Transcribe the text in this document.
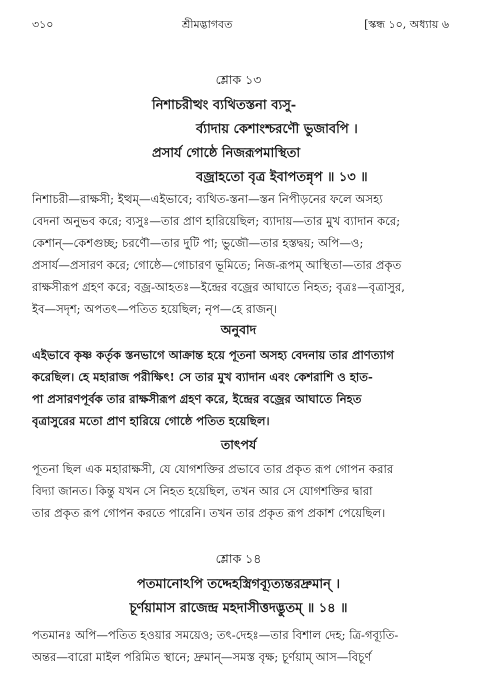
৩১০	শ্রীমদ্ভাগবত	[স্কন্ধ ১০, অধ্যায় ৬
শ্লোক ১৩
নিশাচরীত্থং ব্যথিতস্তনা ব্যসু-
র্ব্যাদায় কেশাংশ্চরণৌ ভুজাবপি ।
প্রসার্য গোষ্ঠে নিজরূপমাস্থিতা
বজ্রাহতো বৃত্র ইবাপতন্নৃপ ॥ ১৩ ॥
নিশাচরী—রাক্ষসী; ইত্থম্—এইভাবে; ব্যথিত-স্তনা—স্তন নিপীড়নের ফলে অসহ্য
বেদনা অনুভব করে; ব্যসুঃ—তার প্রাণ হারিয়েছিল; ব্যাদায়—তার মুখ ব্যাদান করে;
কেশান্—কেশগুচ্ছ; চরণৌ—তার দুটি পা; ভুজৌ—তার হস্তদ্বয়; অপি—ও;
প্রসার্য—প্রসারণ করে; গোষ্ঠে—গোচারণ ভূমিতে; নিজ-রূপম্ আস্থিতা—তার প্রকৃত
রাক্ষসীরূপ গ্রহণ করে; বজ্র-আহতঃ—ইন্দ্রের বজ্রের আঘাতে নিহত; বৃত্রঃ—বৃত্রাসুর,
ইব—সদৃশ; অপতৎ—পতিত হয়েছিল; নৃপ—হে রাজন্।
অনুবাদ
এইভাবে কৃষ্ণ কর্তৃক স্তনভাগে আক্রান্ত হয়ে পূতনা অসহ্য বেদনায় তার প্রাণত্যাগ
করেছিল। হে মহারাজ পরীক্ষিৎ! সে তার মুখ ব্যাদান এবং কেশরাশি ও হাত-
পা প্রসারণপূর্বক তার রাক্ষসীরূপ গ্রহণ করে, ইন্দ্রের বজ্রের আঘাতে নিহত
বৃত্রাসুরের মতো প্রাণ হারিয়ে গোষ্ঠে পতিত হয়েছিল।
তাৎপর্য
পূতনা ছিল এক মহারাক্ষসী, যে যোগশক্তির প্রভাবে তার প্রকৃত রূপ গোপন করার
বিদ্যা জানত। কিন্তু যখন সে নিহত হয়েছিল, তখন আর সে যোগশক্তির দ্বারা
তার প্রকৃত রূপ গোপন করতে পারেনি। তখন তার প্রকৃত রূপ প্রকাশ পেয়েছিল।
শ্লোক ১৪
পতমানোঽপি তদ্দেহস্ত্রিগব্যূত্যন্তরদ্রুমান্ ।
চূর্ণয়ামাস রাজেন্দ্র মহদাসীত্তদদ্ভুতম্ ॥ ১৪ ॥
পতমানঃ অপি—পতিত হওয়ার সময়েও; তৎ-দেহঃ—তার বিশাল দেহ; ত্রি-গব্যূতি-
অন্তর—বারো মাইল পরিমিত স্থানে; দ্রুমান্—সমস্ত বৃক্ষ; চূর্ণয়াম্ আস—বিচূর্ণ
